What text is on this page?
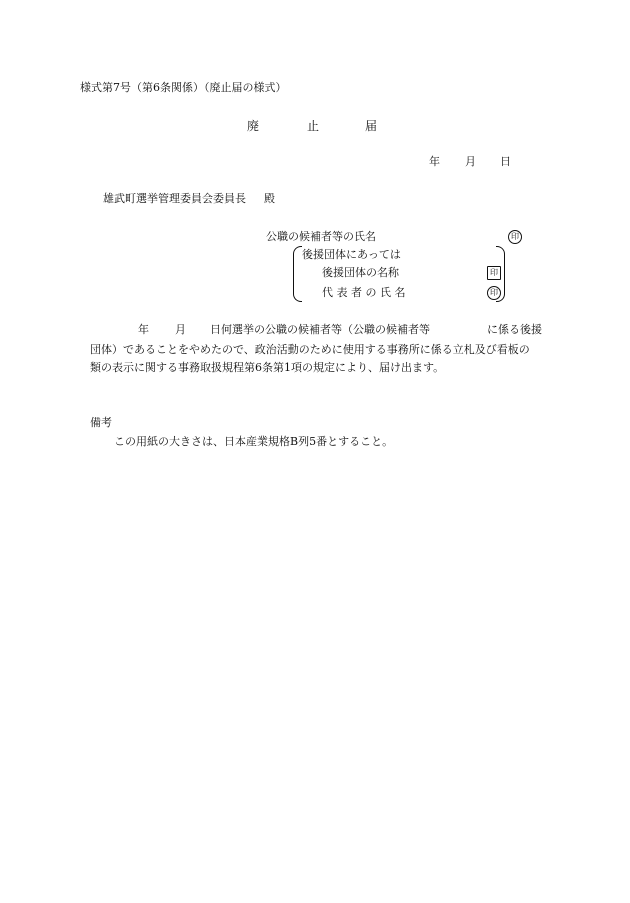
様式第7号（第6条関係）（廃止届の様式）
廃	止	届
年 月 日
雄武町選挙管理委員会委員長 殿
公職の候補者等の氏名	印
後援団体にあっては
後援団体の名称	印
代 表 者 の 氏 名	印
年 月 日何選挙の公職の候補者等（公職の候補者等	に係る後援
団体）であることをやめたので、政治活動のために使用する事務所に係る立札及び看板の
類の表示に関する事務取扱規程第6条第1項の規定により、届け出ます。
備考
この用紙の大きさは、日本産業規格B列5番とすること。
